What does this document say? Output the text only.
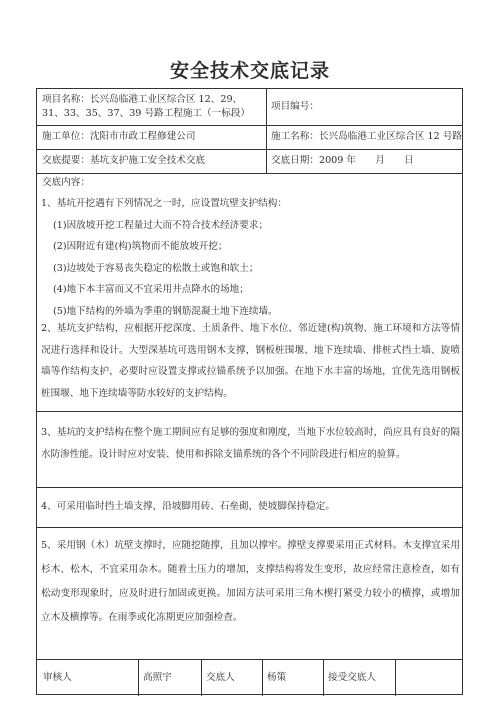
安全技术交底记录
项目名称：长兴岛临港工业区综合区 12、29、31、33、35、37、39 号路工程施工（一标段）
项目编号：
施工单位：沈阳市市政工程修建公司	施工名称：长兴岛临港工业区综合区 12 号路
交底提要：基坑支护施工安全技术交底	交底日期：2009 年　　月　　日
交底内容：
1、基坑开挖遇有下列情况之一时，应设置坑壁支护结构：
(1)因放坡开挖工程量过大而不符合技术经济要求；
(2)因附近有建(构)筑物而不能放坡开挖；
(3)边坡处于容易丧失稳定的松散土或饱和软土；
(4)地下本丰富而又不宜采用井点降水的场地；
(5)地下结构的外墙为季重的钢筋混凝土地下连续墙。
2、基坑支护结构，应根据开挖深度、土质条件、地下水位、邻近建(构)筑物、施工环境和方法等情况进行选择和设计。大型深基坑可选用钢木支撑，钢板桩围堰、地下连续墙、排桩式挡土墙、旋喷墙等作结构支护，必要时应设置支撑或拉锚系统予以加强。在地下水丰富的场地，宜优先选用钢板桩围堰、地下连续墙等防水较好的支护结构。
3、基坑的支护结构在整个施工期间应有足够的强度和刚度，当地下水位较高时，尚应具有良好的隔水防渗性能。设计时应对安装、使用和拆除支锚系统的各个不同阶段进行相应的验算。
4、可采用临时挡土墙支撑，沿坡脚用砖、石垒砌，使坡脚保持稳定。
5、采用钢（木）坑壁支撑时，应随挖随撑，且加以撑牢。撑壁支撑要采用正式材料。木支撑宜采用杉木、松木，不宜采用杂木。随着土压力的增加，支撑结构将发生变形，故应经常注意检查，如有松动变形现象时，应及时进行加固或更换。加固方法可采用三角木楔打紧受力较小的横撑，或增加立木及横撑等。在雨季或化冻期更应加强检查。
审核人	高照宇	交底人	杨策	接受交底人
